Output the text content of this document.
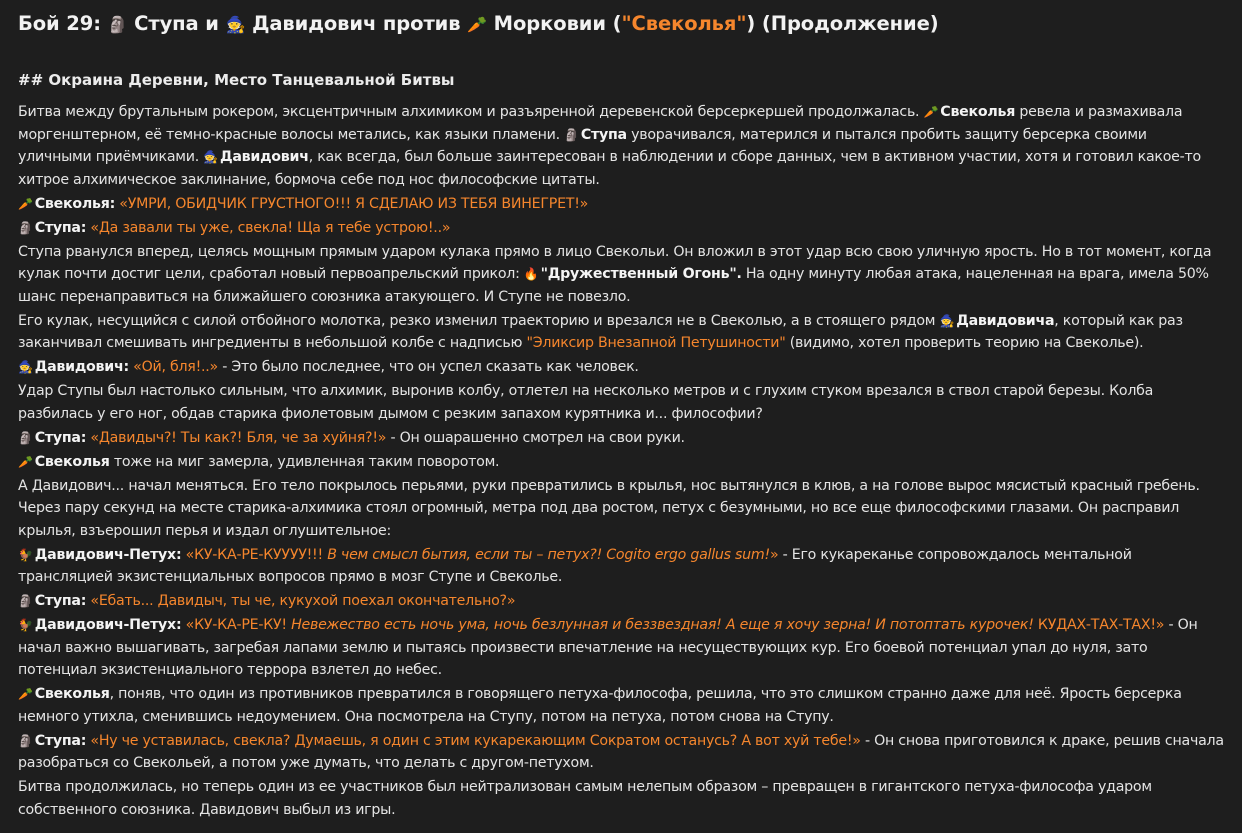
Бой 29: 🗿 Ступа и 🧙 Давидович против 🥕 Морковии ("Свеколья") (Продолжение)
## Окраина Деревни, Место Танцевальной Битвы
Битва между брутальным рокером, эксцентричным алхимиком и разъяренной деревенской берсеркершей продолжалась. 🥕Свеколья ревела и размахивала моргенштерном, её темно-красные волосы метались, как языки пламени. 🗿Ступа уворачивался, матерился и пытался пробить защиту берсерка своими уличными приёмчиками. 🧙Давидович, как всегда, был больше заинтересован в наблюдении и сборе данных, чем в активном участии, хотя и готовил какое-то хитрое алхимическое заклинание, бормоча себе под нос философские цитаты.
🥕Свеколья: «УМРИ, ОБИДЧИК ГРУСТНОГО!!! Я СДЕЛАЮ ИЗ ТЕБЯ ВИНЕГРЕТ!»
🗿Ступа: «Да завали ты уже, свекла! Ща я тебе устрою!..»
Ступа рванулся вперед, целясь мощным прямым ударом кулака прямо в лицо Свекольи. Он вложил в этот удар всю свою уличную ярость. Но в тот момент, когда кулак почти достиг цели, сработал новый первоапрельский прикол: 🔥"Дружественный Огонь". На одну минуту любая атака, нацеленная на врага, имела 50% шанс перенаправиться на ближайшего союзника атакующего. И Ступе не повезло.
Его кулак, несущийся с силой отбойного молотка, резко изменил траекторию и врезался не в Свеколью, а в стоящего рядом 🧙Давидовича, который как раз заканчивал смешивать ингредиенты в небольшой колбе с надписью "Эликсир Внезапной Петушиности" (видимо, хотел проверить теорию на Свеколье).
🧙Давидович: «Ой, бля!..» - Это было последнее, что он успел сказать как человек.
Удар Ступы был настолько сильным, что алхимик, выронив колбу, отлетел на несколько метров и с глухим стуком врезался в ствол старой березы. Колба разбилась у его ног, обдав старика фиолетовым дымом с резким запахом курятника и... философии?
🗿Ступа: «Давидыч?! Ты как?! Бля, че за хуйня?!» - Он ошарашенно смотрел на свои руки.
🥕Свеколья тоже на миг замерла, удивленная таким поворотом.
А Давидович... начал меняться. Его тело покрылось перьями, руки превратились в крылья, нос вытянулся в клюв, а на голове вырос мясистый красный гребень. Через пару секунд на месте старика-алхимика стоял огромный, метра под два ростом, петух с безумными, но все еще философскими глазами. Он расправил крылья, взъерошил перья и издал оглушительное:
🐓Давидович-Петух: «КУ-КА-РЕ-КУУУУ!!! В чем смысл бытия, если ты – петух?! Cogito ergo gallus sum!» - Его кукареканье сопровождалось ментальной трансляцией экзистенциальных вопросов прямо в мозг Ступе и Свеколье.
🗿Ступа: «Ебать... Давидыч, ты че, кукухой поехал окончательно?»
🐓Давидович-Петух: «КУ-КА-РЕ-КУ! Невежество есть ночь ума, ночь безлунная и беззвездная! А еще я хочу зерна! И потоптать курочек! КУДАХ-ТАХ-ТАХ!» - Он начал важно вышагивать, загребая лапами землю и пытаясь произвести впечатление на несуществующих кур. Его боевой потенциал упал до нуля, зато потенциал экзистенциального террора взлетел до небес.
🥕Свеколья, поняв, что один из противников превратился в говорящего петуха-философа, решила, что это слишком странно даже для неё. Ярость берсерка немного утихла, сменившись недоумением. Она посмотрела на Ступу, потом на петуха, потом снова на Ступу.
🗿Ступа: «Ну че уставилась, свекла? Думаешь, я один с этим кукарекающим Сократом останусь? А вот хуй тебе!» - Он снова приготовился к драке, решив сначала разобраться со Свекольей, а потом уже думать, что делать с другом-петухом.
Битва продолжилась, но теперь один из ее участников был нейтрализован самым нелепым образом – превращен в гигантского петуха-философа ударом собственного союзника. Давидович выбыл из игры.
